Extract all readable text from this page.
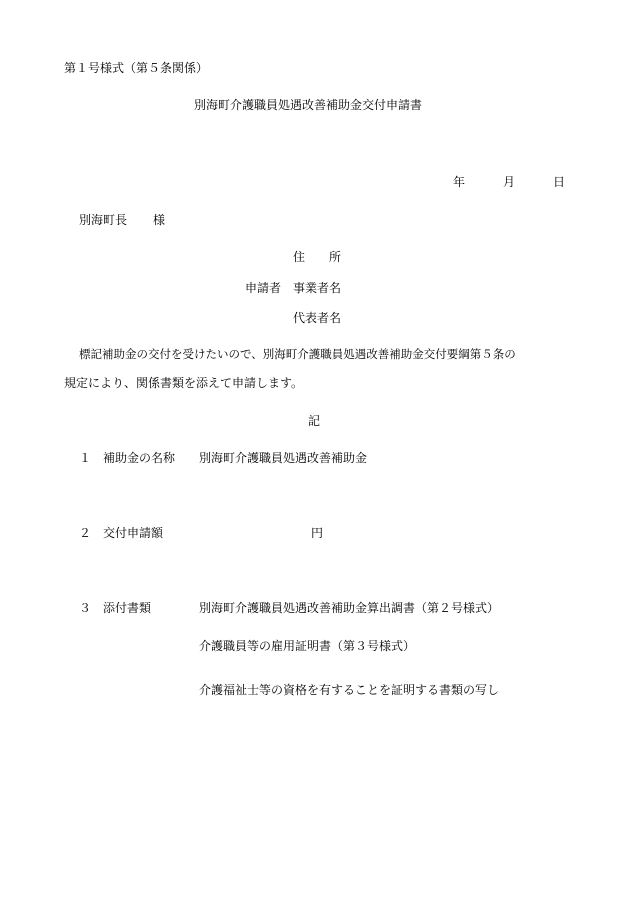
第１号様式（第５条関係）
別海町介護職員処遇改善補助金交付申請書
年	月	日
別海町長 様
住　　所
申請者 事業者名
代表者名
標記補助金の交付を受けたいので、別海町介護職員処遇改善補助金交付要綱第５条の
規定により、関係書類を添えて申請します。
記
１ 補助金の名称 別海町介護職員処遇改善補助金
２ 交付申請額	円
３ 添付書類	別海町介護職員処遇改善補助金算出調書（第２号様式）
介護職員等の雇用証明書（第３号様式）
介護福祉士等の資格を有することを証明する書類の写し
